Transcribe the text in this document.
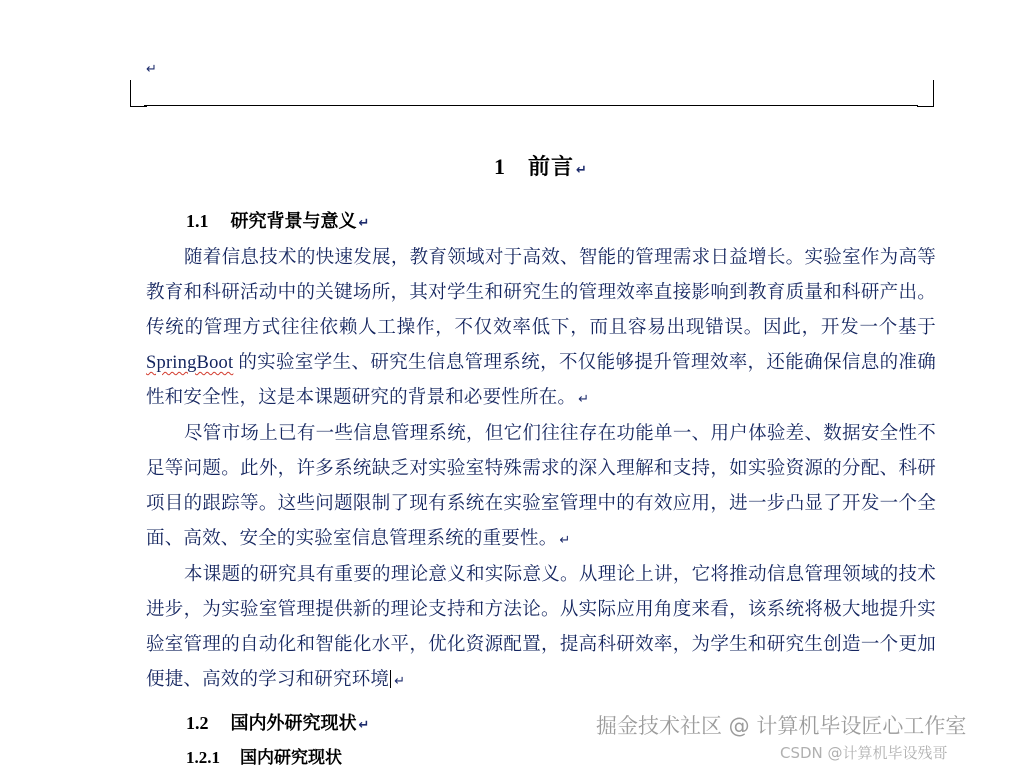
↵
1 前言 ↵
1.1 研究背景与意义 ↵

随着信息技术的快速发展，教育领域对于高效、智能的管理需求日益增长。实验室作为高等教育和科研活动中的关键场所，其对学生和研究生的管理效率直接影响到教育质量和科研产出。传统的管理方式往往依赖人工操作，不仅效率低下，而且容易出现错误。因此，开发一个基于 SpringBoot 的实验室学生、研究生信息管理系统，不仅能够提升管理效率，还能确保信息的准确性和安全性，这是本课题研究的背景和必要性所在。 ↵

尽管市场上已有一些信息管理系统，但它们往往存在功能单一、用户体验差、数据安全性不足等问题。此外，许多系统缺乏对实验室特殊需求的深入理解和支持，如实验资源的分配、科研项目的跟踪等。这些问题限制了现有系统在实验室管理中的有效应用，进一步凸显了开发一个全面、高效、安全的实验室信息管理系统的重要性。 ↵

本课题的研究具有重要的理论意义和实际意义。从理论上讲，它将推动信息管理领域的技术进步，为实验室管理提供新的理论支持和方法论。从实际应用角度来看，该系统将极大地提升实验室管理的自动化和智能化水平，优化资源配置，提高科研效率，为学生和研究生创造一个更加便捷、高效的学习和研究环境 ↵

1.2 国内外研究现状 ↵
1.2.1 国内研究现状
掘金技术社区 @ 计算机毕设匠心工作室
CSDN @计算机毕设残哥
